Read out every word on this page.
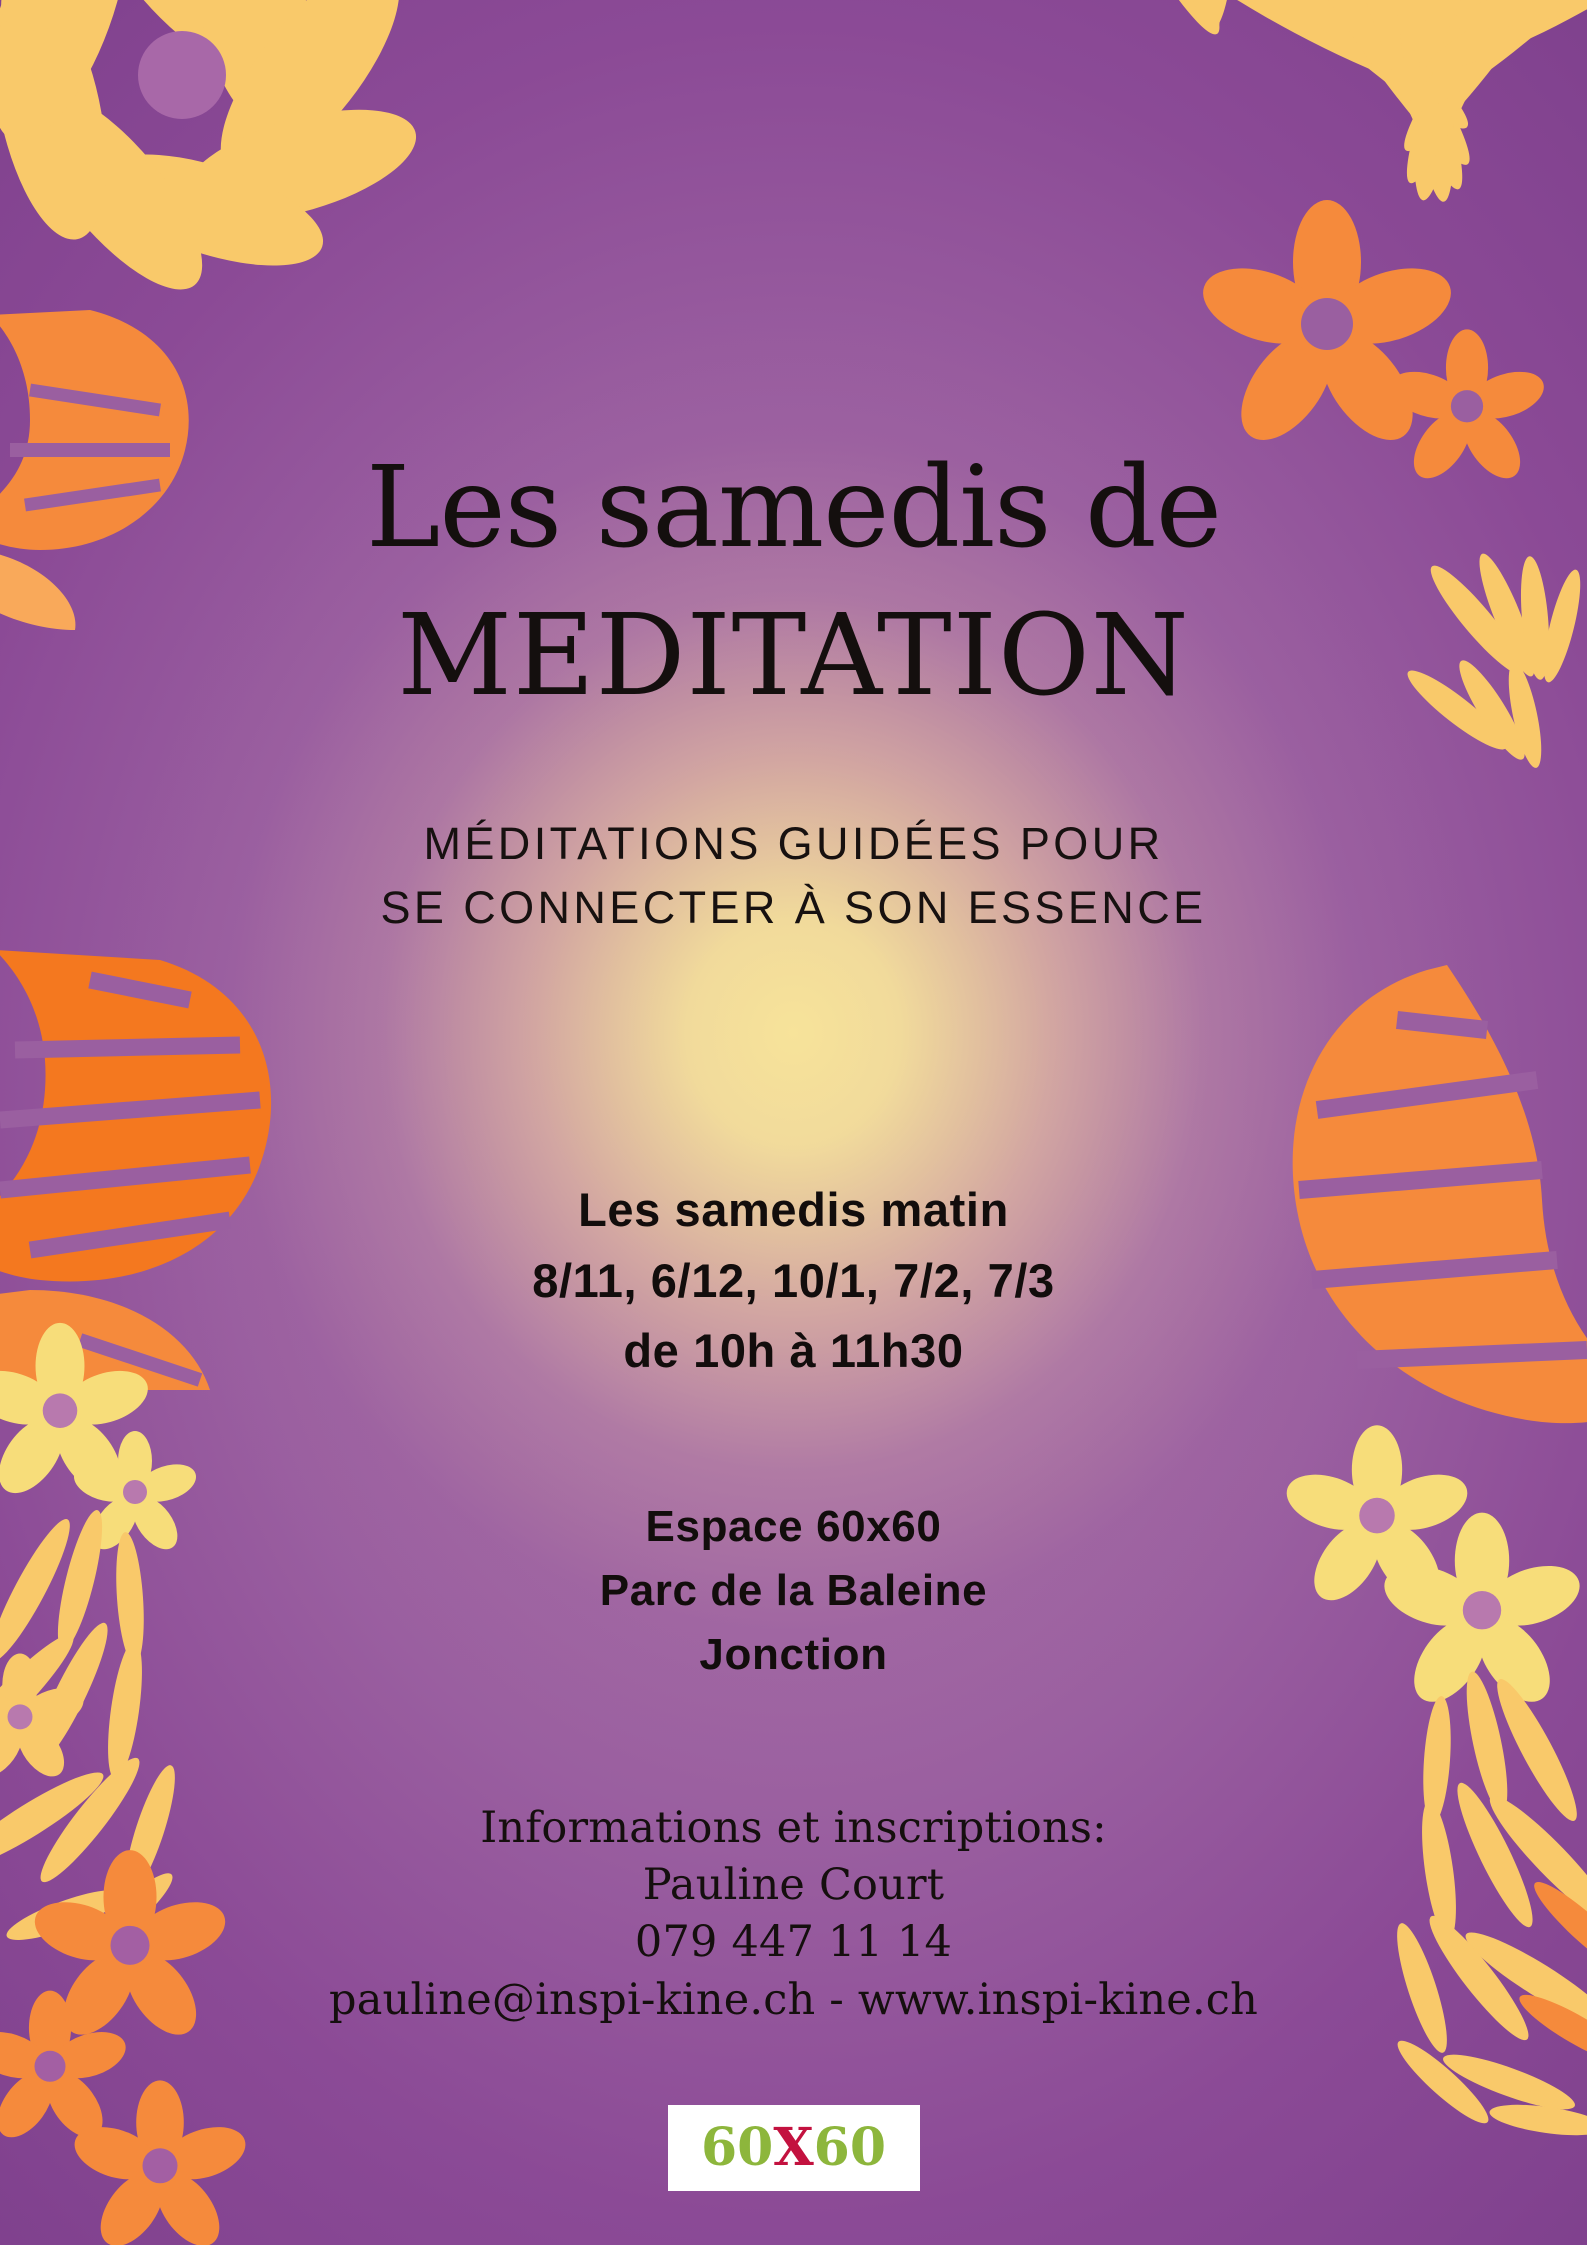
Les samedis de
MEDITATION
MÉDITATIONS GUIDÉES POUR
SE CONNECTER À SON ESSENCE
Les samedis matin
8/11, 6/12, 10/1, 7/2, 7/3
de 10h à 11h30
Espace 60x60
Parc de la Baleine
Jonction
Informations et inscriptions:
Pauline Court
079 447 11 14
pauline@inspi-kine.ch - www.inspi-kine.ch
60X60
